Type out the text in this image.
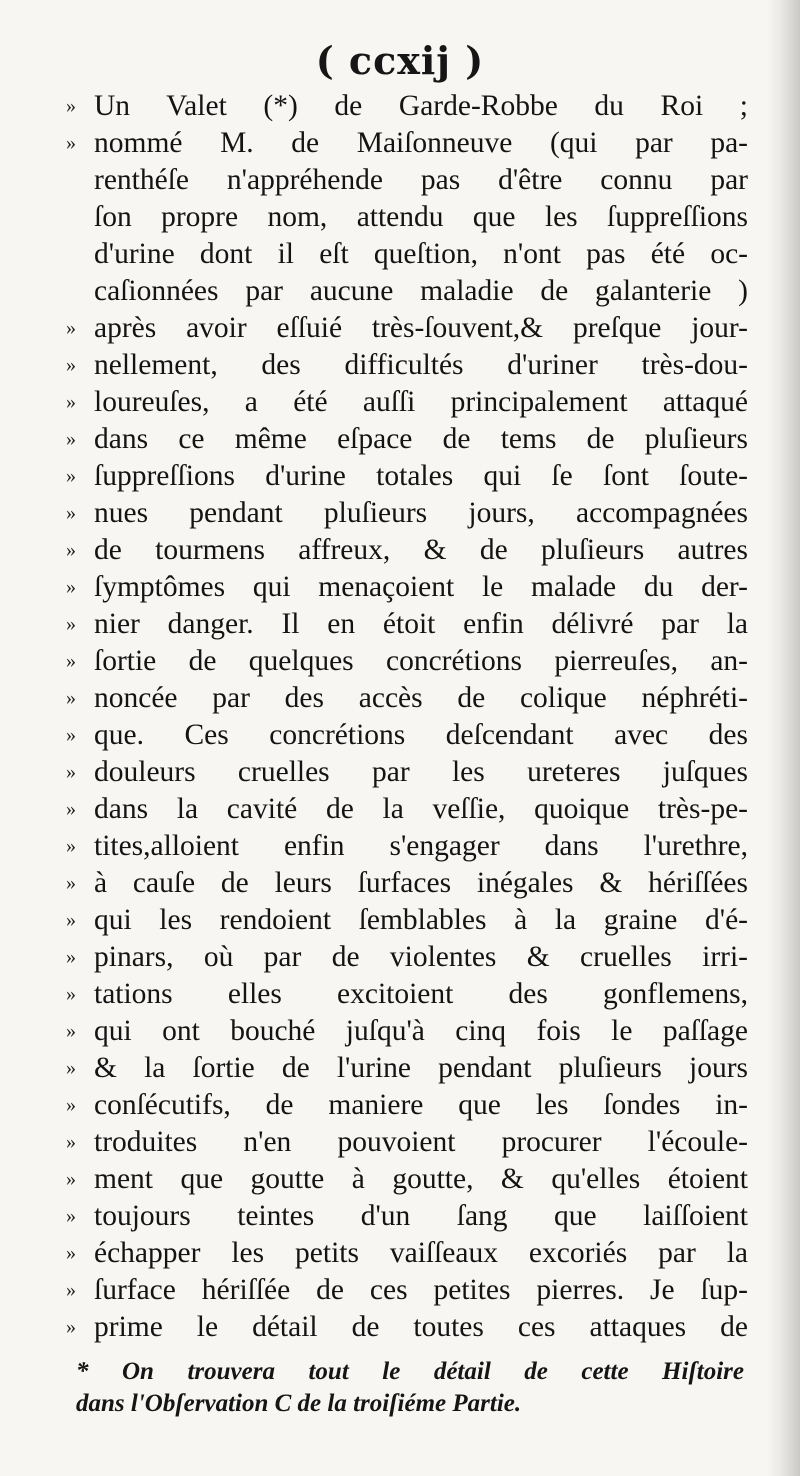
( ccxij )
» Un Valet (*) de Garde-Robbe du Roi ;
» nommé M. de Maiſonneuve (qui par pa-
renthéſe n'appréhende pas d'être connu par
ſon propre nom, attendu que les ſuppreſſions
d'urine dont il eſt queſtion, n'ont pas été oc-
caſionnées par aucune maladie de galanterie )
» après avoir eſſuié très-ſouvent,& preſque jour-
» nellement, des difficultés d'uriner très-dou-
» loureuſes, a été auſſi principalement attaqué
» dans ce même eſpace de tems de pluſieurs
» ſuppreſſions d'urine totales qui ſe ſont ſoute-
» nues pendant pluſieurs jours, accompagnées
» de tourmens affreux, & de pluſieurs autres
» ſymptômes qui menaçoient le malade du der-
» nier danger. Il en étoit enfin délivré par la
» ſortie de quelques concrétions pierreuſes, an-
» noncée par des accès de colique néphréti-
» que. Ces concrétions deſcendant avec des
» douleurs cruelles par les ureteres juſques
» dans la cavité de la veſſie, quoique très-pe-
» tites,alloient enfin s'engager dans l'urethre,
» à cauſe de leurs ſurfaces inégales & hériſſées
» qui les rendoient ſemblables à la graine d'é-
» pinars, où par de violentes & cruelles irri-
» tations elles excitoient des gonflemens,
» qui ont bouché juſqu'à cinq fois le paſſage
» & la ſortie de l'urine pendant pluſieurs jours
» conſécutifs, de maniere que les ſondes in-
» troduites n'en pouvoient procurer l'écoule-
» ment que goutte à goutte, & qu'elles étoient
» toujours teintes d'un ſang que laiſſoient
» échapper les petits vaiſſeaux excoriés par la
» ſurface hériſſée de ces petites pierres. Je ſup-
» prime le détail de toutes ces attaques de
* On trouvera tout le détail de cette Hiſtoire
dans l'Obſervation C de la troiſiéme Partie.
